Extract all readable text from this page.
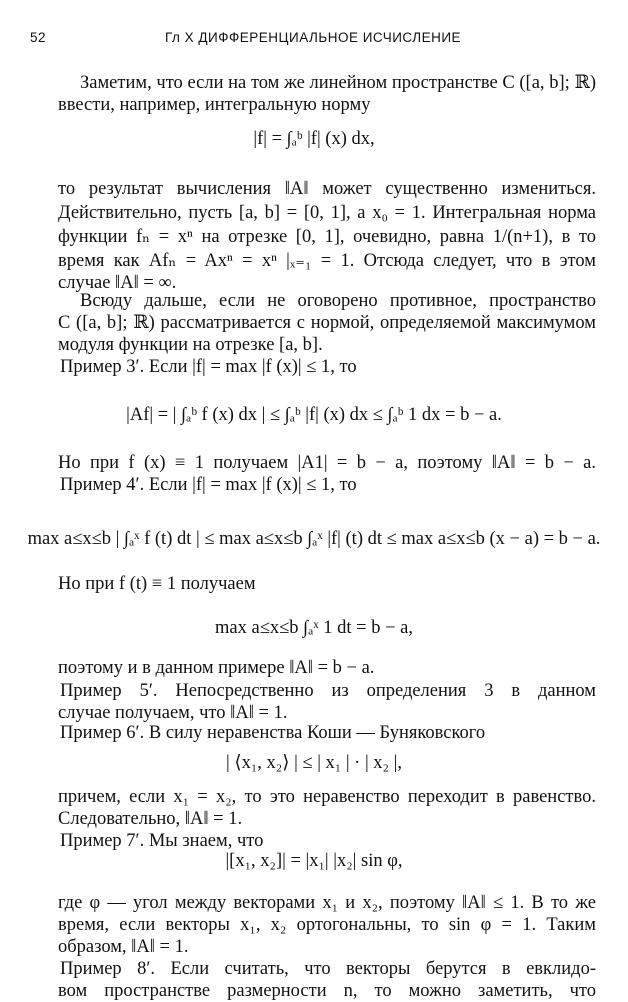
52	Гл X ДИФФЕРЕНЦИАЛЬНОЕ ИСЧИСЛЕНИЕ
Заметим, что если на том же линейном пространстве C ([a, b]; ℝ)
ввести, например, интегральную норму
то результат вычисления ‖A‖ может существенно измениться.
Действительно, пусть [a, b] = [0, 1], а x₀ = 1. Интегральная норма
функции fₙ = xⁿ на отрезке [0, 1], очевидно, равна 1/(n+1), в то
время как Afₙ = Axⁿ = xⁿ |ₓ₌₁ = 1. Отсюда следует, что в этом
случае ‖A‖ = ∞.
Всюду дальше, если не оговорено противное, пространство
C ([a, b]; ℝ) рассматривается с нормой, определяемой максимумом
модуля функции на отрезке [a, b].
Пример 3′. Если |f| = max |f (x)| ≤ 1, то
Но при f (x) ≡ 1 получаем |A1| = b − a, поэтому ‖A‖ = b − a.
Пример 4′. Если |f| = max |f (x)| ≤ 1, то
Но при f (t) ≡ 1 получаем
поэтому и в данном примере ‖A‖ = b − a.
Пример 5′. Непосредственно из определения 3 в данном
случае получаем, что ‖A‖ = 1.
Пример 6′. В силу неравенства Коши — Буняковского
причем, если x₁ = x₂, то это неравенство переходит в равенство.
Следовательно, ‖A‖ = 1.
Пример 7′. Мы знаем, что
где φ — угол между векторами x₁ и x₂, поэтому ‖A‖ ≤ 1. В то же
время, если векторы x₁, x₂ ортогональны, то sin φ = 1. Таким
образом, ‖A‖ = 1.
Пример 8′. Если считать, что векторы берутся в евклидо-
вом пространстве размерности n, то можно заметить, что
|f| = ∫ₐᵇ |f| (x) dx,
|Af| = | ∫ₐᵇ f (x) dx | ≤ ∫ₐᵇ |f| (x) dx ≤ ∫ₐᵇ 1 dx = b − a.
max a≤x≤b | ∫ₐˣ f (t) dt | ≤ max a≤x≤b ∫ₐˣ |f| (t) dt ≤ max a≤x≤b (x − a) = b − a.
max a≤x≤b ∫ₐˣ 1 dt = b − a,
| ⟨x₁, x₂⟩ | ≤ | x₁ | · | x₂ |,
|[x₁, x₂]| = |x₁| |x₂| sin φ,
